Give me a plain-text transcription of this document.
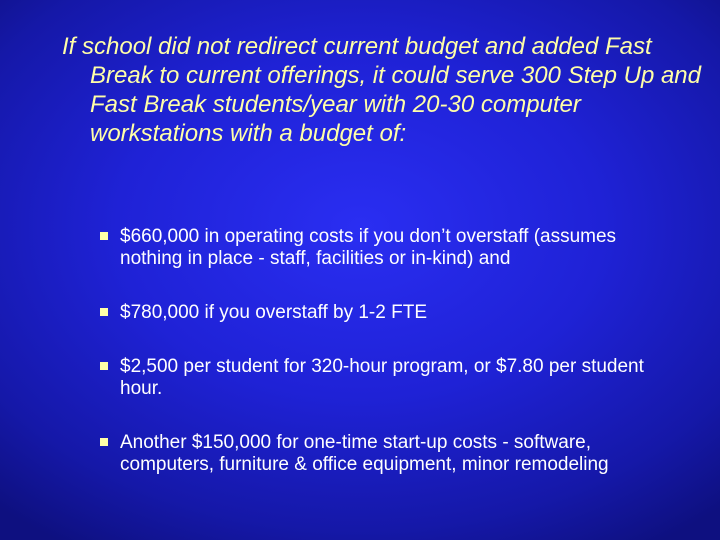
If school did not redirect current budget and added Fast Break to current offerings, it could serve 300 Step Up and Fast Break students/year with 20-30 computer workstations with a budget of:

$660,000 in operating costs if you don’t overstaff (assumes nothing in place - staff, facilities or in-kind) and
$780,000 if you overstaff by 1-2 FTE
$2,500 per student for 320-hour program, or $7.80 per student hour.
Another $150,000 for one-time start-up costs - software, computers, furniture & office equipment, minor remodeling
